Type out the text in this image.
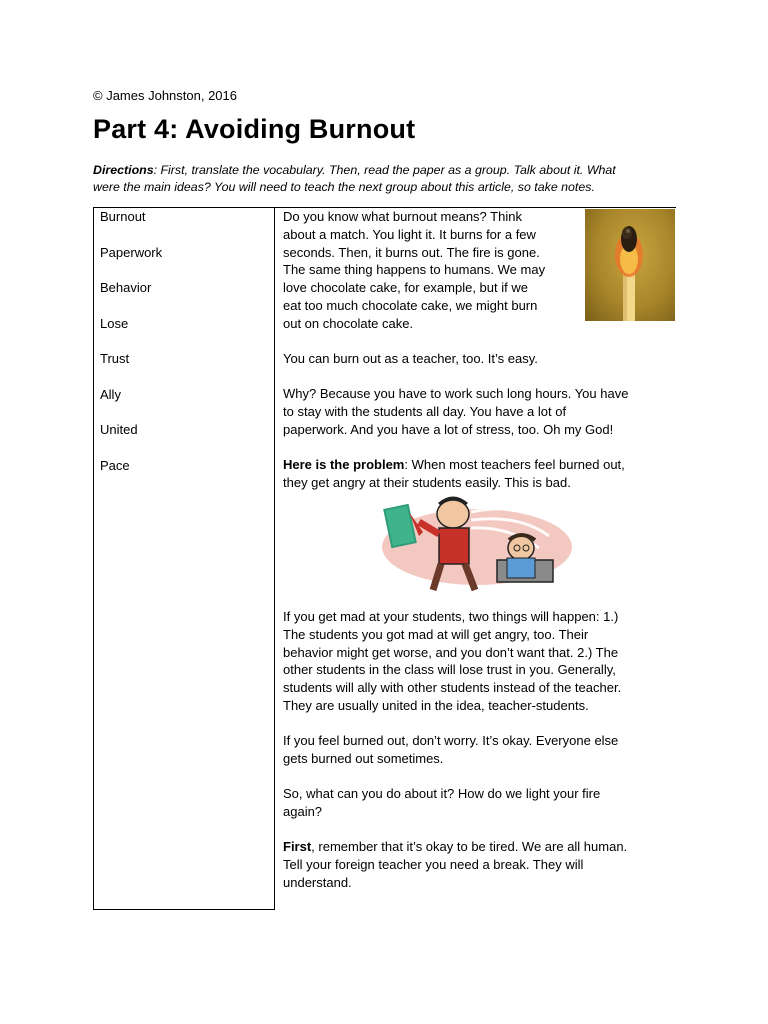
© James Johnston, 2016
Part 4: Avoiding Burnout
Directions: First, translate the vocabulary. Then, read the paper as a group. Talk about it. What
were the main ideas? You will need to teach the next group about this article, so take notes.
Burnout
Paperwork
Behavior
Lose
Trust
Ally
United
Pace

Do you know what burnout means? Think
about a match. You light it. It burns for a few
seconds. Then, it burns out. The fire is gone.
The same thing happens to humans. We may
love chocolate cake, for example, but if we
eat too much chocolate cake, we might burn
out on chocolate cake.

You can burn out as a teacher, too. It’s easy.

Why? Because you have to work such long hours. You have
to stay with the students all day. You have a lot of
paperwork. And you have a lot of stress, too. Oh my God!

Here is the problem: When most teachers feel burned out,
they get angry at their students easily. This is bad.

If you get mad at your students, two things will happen: 1.)
The students you got mad at will get angry, too. Their
behavior might get worse, and you don’t want that. 2.) The
other students in the class will lose trust in you. Generally,
students will ally with other students instead of the teacher.
They are usually united in the idea, teacher-students.

If you feel burned out, don’t worry. It’s okay. Everyone else
gets burned out sometimes.

So, what can you do about it? How do we light your fire
again?

First, remember that it’s okay to be tired. We are all human.
Tell your foreign teacher you need a break. They will
understand.
